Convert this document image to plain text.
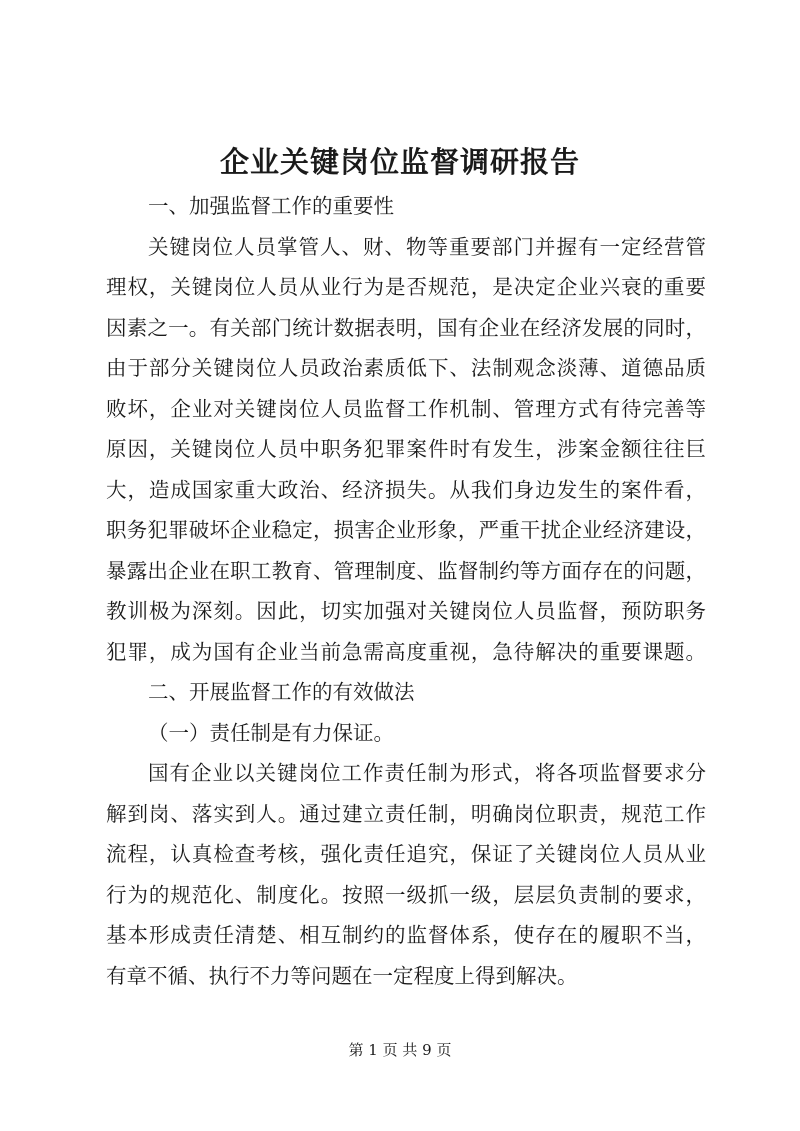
企业关键岗位监督调研报告

一、加强监督工作的重要性

关键岗位人员掌管人、财、物等重要部门并握有一定经营管

理权，关键岗位人员从业行为是否规范，是决定企业兴衰的重要

因素之一。有关部门统计数据表明，国有企业在经济发展的同时，

由于部分关键岗位人员政治素质低下、法制观念淡薄、道德品质

败坏，企业对关键岗位人员监督工作机制、管理方式有待完善等

原因，关键岗位人员中职务犯罪案件时有发生，涉案金额往往巨

大，造成国家重大政治、经济损失。从我们身边发生的案件看，

职务犯罪破坏企业稳定，损害企业形象，严重干扰企业经济建设，

暴露出企业在职工教育、管理制度、监督制约等方面存在的问题，

教训极为深刻。因此，切实加强对关键岗位人员监督，预防职务

犯罪，成为国有企业当前急需高度重视，急待解决的重要课题。

二、开展监督工作的有效做法

（一）责任制是有力保证。

国有企业以关键岗位工作责任制为形式，将各项监督要求分

解到岗、落实到人。通过建立责任制，明确岗位职责，规范工作

流程，认真检查考核，强化责任追究，保证了关键岗位人员从业

行为的规范化、制度化。按照一级抓一级，层层负责制的要求，

基本形成责任清楚、相互制约的监督体系，使存在的履职不当，

有章不循、执行不力等问题在一定程度上得到解决。

第 1 页 共 9 页
